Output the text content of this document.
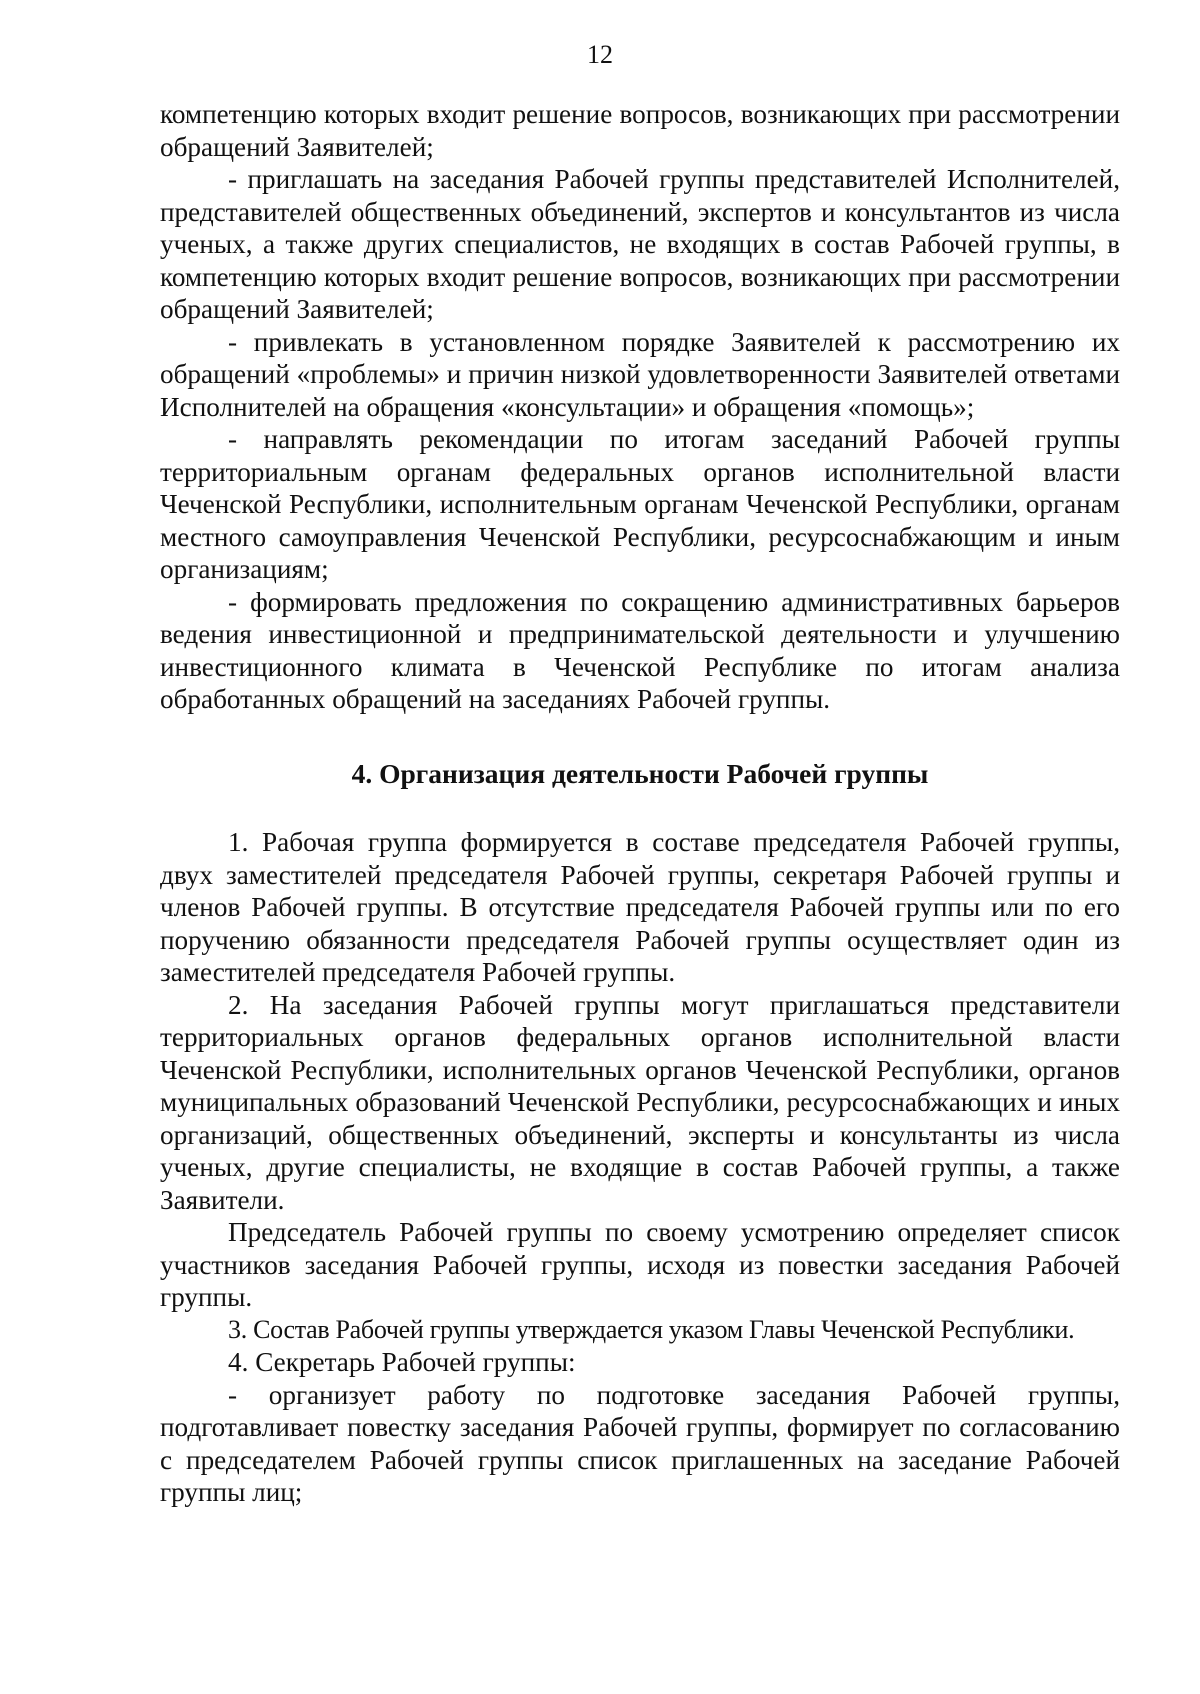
12

компетенцию которых входит решение вопросов, возникающих при рассмотрении обращений Заявителей;

- приглашать на заседания Рабочей группы представителей Исполнителей, представителей общественных объединений, экспертов и консультантов из числа ученых, а также других специалистов, не входящих в состав Рабочей группы, в компетенцию которых входит решение вопросов, возникающих при рассмотрении обращений Заявителей;

- привлекать в установленном порядке Заявителей к рассмотрению их обращений «проблемы» и причин низкой удовлетворенности Заявителей ответами Исполнителей на обращения «консультации» и обращения «помощь»;

- направлять рекомендации по итогам заседаний Рабочей группы территориальным органам федеральных органов исполнительной власти Чеченской Республики, исполнительным органам Чеченской Республики, органам местного самоуправления Чеченской Республики, ресурсоснабжающим и иным организациям;

- формировать предложения по сокращению административных барьеров ведения инвестиционной и предпринимательской деятельности и улучшению инвестиционного климата в Чеченской Республике по итогам анализа обработанных обращений на заседаниях Рабочей группы.

4. Организация деятельности Рабочей группы

1. Рабочая группа формируется в составе председателя Рабочей группы, двух заместителей председателя Рабочей группы, секретаря Рабочей группы и членов Рабочей группы. В отсутствие председателя Рабочей группы или по его поручению обязанности председателя Рабочей группы осуществляет один из заместителей председателя Рабочей группы.

2. На заседания Рабочей группы могут приглашаться представители территориальных органов федеральных органов исполнительной власти Чеченской Республики, исполнительных органов Чеченской Республики, органов муниципальных образований Чеченской Республики, ресурсоснабжающих и иных организаций, общественных объединений, эксперты и консультанты из числа ученых, другие специалисты, не входящие в состав Рабочей группы, а также Заявители.

Председатель Рабочей группы по своему усмотрению определяет список участников заседания Рабочей группы, исходя из повестки заседания Рабочей группы.

3. Состав Рабочей группы утверждается указом Главы Чеченской Республики.

4. Секретарь Рабочей группы:

- организует работу по подготовке заседания Рабочей группы, подготавливает повестку заседания Рабочей группы, формирует по согласованию с председателем Рабочей группы список приглашенных на заседание Рабочей группы лиц;
